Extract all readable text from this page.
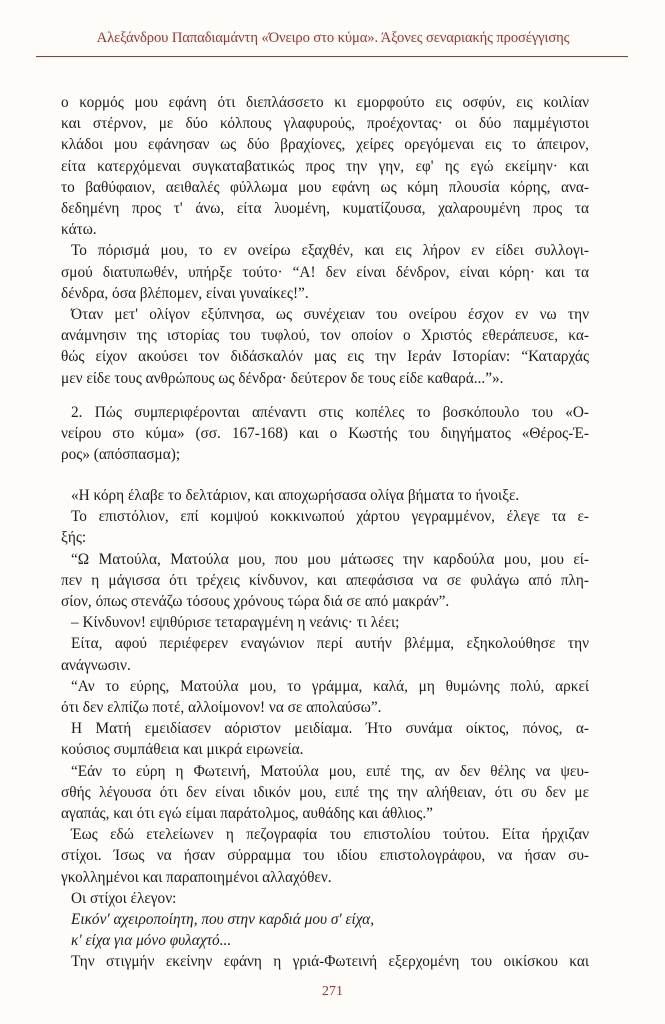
Αλεξάνδρου Παπαδιαμάντη «Όνειρο στο κύμα». Άξονες σεναριακής προσέγγισης
ο κορμός μου εφάνη ότι διεπλάσσετο κι εμορφούτο εις οσφύν, εις κοιλίαν
και στέρνον, με δύο κόλπους γλαφυρούς, προέχοντας· οι δύο παμμέγιστοι
κλάδοι μου εφάνησαν ως δύο βραχίονες, χείρες ορεγόμεναι εις το άπειρον,
είτα κατερχόμεναι συγκαταβατικώς προς την γην, εφ' ης εγώ εκείμην· και
το βαθύφαιον, αειθαλές φύλλωμα μου εφάνη ως κόμη πλουσία κόρης, ανα-
δεδημένη προς τ' άνω, είτα λυομένη, κυματίζουσα, χαλαρουμένη προς τα
κάτω.
Το πόρισμά μου, το εν ονείρω εξαχθέν, και εις λήρον εν είδει συλλογι-
σμού διατυπωθέν, υπήρξε τούτο· “Α! δεν είναι δένδρον, είναι κόρη· και τα
δένδρα, όσα βλέπομεν, είναι γυναίκες!”.
Όταν μετ' ολίγον εξύπνησα, ως συνέχειαν του ονείρου έσχον εν νω την
ανάμνησιν της ιστορίας του τυφλού, τον οποίον ο Χριστός εθεράπευσε, κα-
θώς είχον ακούσει τον διδάσκαλόν μας εις την Ιεράν Ιστορίαν: “Καταρχάς
μεν είδε τους ανθρώπους ως δένδρα· δεύτερον δε τους είδε καθαρά...”».
2. Πώς συμπεριφέρονται απέναντι στις κοπέλες το βοσκόπουλο του «Ο-
νείρου στο κύμα» (σσ. 167-168) και ο Κωστής του διηγήματος «Θέρος-Έ-
ρος» (απόσπασμα);
«Η κόρη έλαβε το δελτάριον, και αποχωρήσασα ολίγα βήματα το ήνοιξε.
Το επιστόλιον, επί κομψού κοκκινωπού χάρτου γεγραμμένον, έλεγε τα ε-
ξής:
“Ω Ματούλα, Ματούλα μου, που μου μάτωσες την καρδούλα μου, μου εί-
πεν η μάγισσα ότι τρέχεις κίνδυνον, και απεφάσισα να σε φυλάγω από πλη-
σίον, όπως στενάζω τόσους χρόνους τώρα διά σε από μακράν”.
– Κίνδυνον! εψιθύρισε τεταραγμένη η νεάνις· τι λέει;
Είτα, αφού περιέφερεν εναγώνιον περί αυτήν βλέμμα, εξηκολούθησε την
ανάγνωσιν.
“Αν το εύρης, Ματούλα μου, το γράμμα, καλά, μη θυμώνης πολύ, αρκεί
ότι δεν ελπίζω ποτέ, αλλοίμονον! να σε απολαύσω”.
Η Ματή εμειδίασεν αόριστον μειδίαμα. Ήτο συνάμα οίκτος, πόνος, α-
κούσιος συμπάθεια και μικρά ειρωνεία.
“Εάν το εύρη η Φωτεινή, Ματούλα μου, ειπέ της, αν δεν θέλης να ψευ-
σθής λέγουσα ότι δεν είναι ιδικόν μου, ειπέ της την αλήθειαν, ότι συ δεν με
αγαπάς, και ότι εγώ είμαι παράτολμος, αυθάδης και άθλιος.”
Έως εδώ ετελείωνεν η πεζογραφία του επιστολίου τούτου. Είτα ήρχιζαν
στίχοι. Ίσως να ήσαν σύρραμμα του ιδίου επιστολογράφου, να ήσαν συ-
γκολλημένοι και παραποιημένοι αλλαχόθεν.
Οι στίχοι έλεγον:
Εικόν' αχειροποίητη, που στην καρδιά μου σ' είχα,
κ' είχα για μόνο φυλαχτό...
Την στιγμήν εκείνην εφάνη η γριά-Φωτεινή εξερχομένη του οικίσκου και
271
